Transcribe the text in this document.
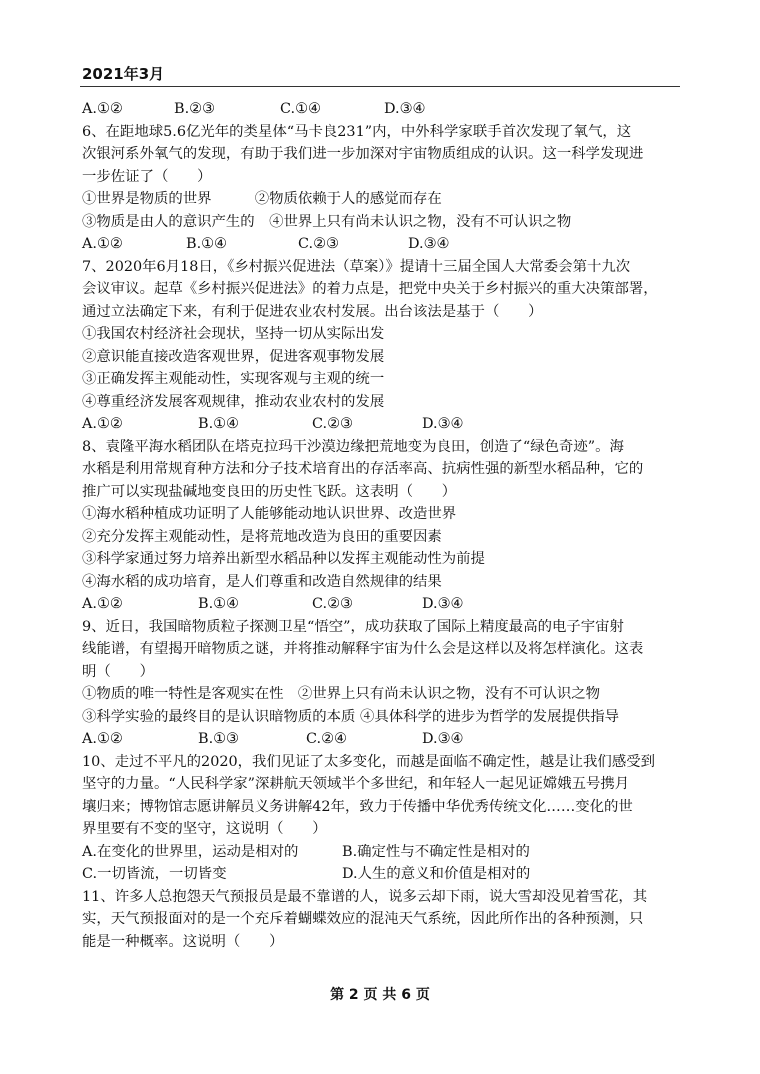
2021年3月
A.①②	B.②③	C.①④	D.③④
6、在距地球5.6亿光年的类星体“马卡良231”内，中外科学家联手首次发现了氧气，这
次银河系外氧气的发现，有助于我们进一步加深对宇宙物质组成的认识。这一科学发现进
一步佐证了（　　）
①世界是物质的世界　　　②物质依赖于人的感觉而存在
③物质是由人的意识产生的　④世界上只有尚未认识之物，没有不可认识之物
A.①②	B.①④	C.②③	D.③④
7、2020年6月18日，《乡村振兴促进法（草案）》提请十三届全国人大常委会第十九次
会议审议。起草《乡村振兴促进法》的着力点是，把党中央关于乡村振兴的重大决策部署，
通过立法确定下来，有利于促进农业农村发展。出台该法是基于（　　）
①我国农村经济社会现状，坚持一切从实际出发
②意识能直接改造客观世界，促进客观事物发展
③正确发挥主观能动性，实现客观与主观的统一
④尊重经济发展客观规律，推动农业农村的发展
A.①②	B.①④	C.②③	D.③④
8、袁隆平海水稻团队在塔克拉玛干沙漠边缘把荒地变为良田，创造了“绿色奇迹”。海
水稻是利用常规育种方法和分子技术培育出的存活率高、抗病性强的新型水稻品种，它的
推广可以实现盐碱地变良田的历史性飞跃。这表明（　　）
①海水稻种植成功证明了人能够能动地认识世界、改造世界
②充分发挥主观能动性，是将荒地改造为良田的重要因素
③科学家通过努力培养出新型水稻品种以发挥主观能动性为前提
④海水稻的成功培育，是人们尊重和改造自然规律的结果
A.①②	B.①④	C.②③	D.③④
9、近日，我国暗物质粒子探测卫星“悟空”，成功获取了国际上精度最高的电子宇宙射
线能谱，有望揭开暗物质之谜，并将推动解释宇宙为什么会是这样以及将怎样演化。这表
明（　　）
①物质的唯一特性是客观实在性　②世界上只有尚未认识之物，没有不可认识之物
③科学实验的最终目的是认识暗物质的本质 ④具体科学的进步为哲学的发展提供指导
A.①②	B.①③	C.②④	D.③④
10、走过不平凡的2020，我们见证了太多变化，而越是面临不确定性，越是让我们感受到
坚守的力量。“人民科学家”深耕航天领域半个多世纪，和年轻人一起见证嫦娥五号携月
壤归来；博物馆志愿讲解员义务讲解42年，致力于传播中华优秀传统文化……变化的世
界里要有不变的坚守，这说明（　　）
A.在变化的世界里，运动是相对的	B.确定性与不确定性是相对的
C.一切皆流，一切皆变	D.人生的意义和价值是相对的
11、许多人总抱怨天气预报员是最不靠谱的人，说多云却下雨，说大雪却没见着雪花，其
实，天气预报面对的是一个充斥着蝴蝶效应的混沌天气系统，因此所作出的各种预测，只
能是一种概率。这说明（　　）
第 2 页 共 6 页
